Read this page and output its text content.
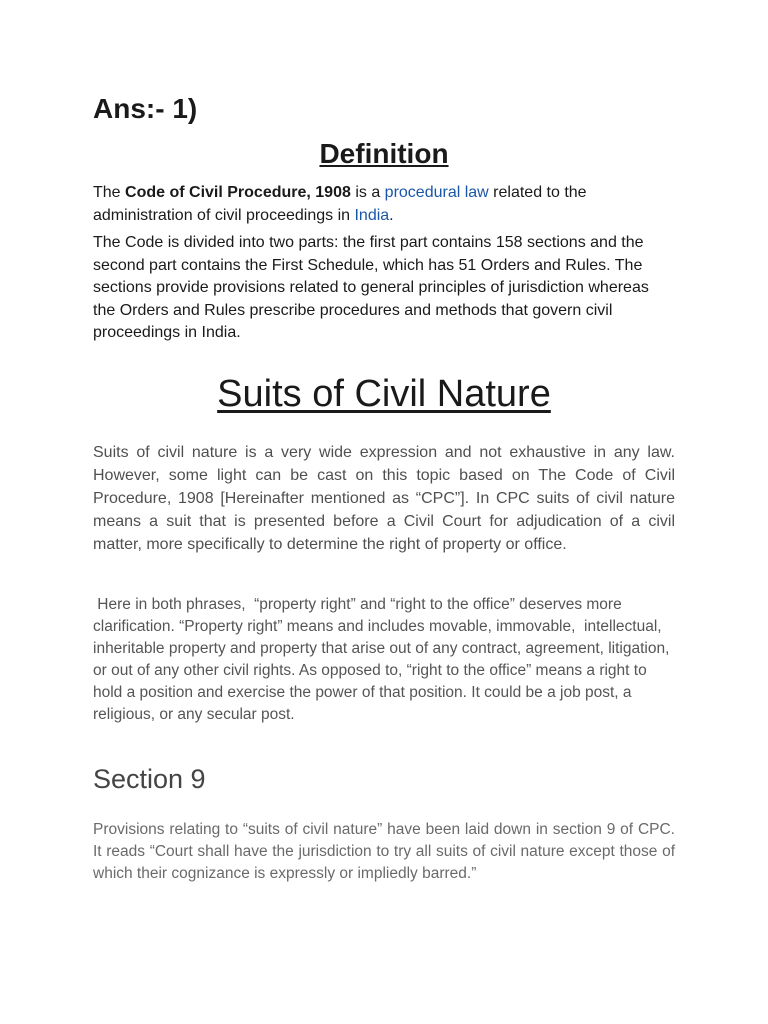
Ans:- 1)
Definition

The Code of Civil Procedure, 1908 is a procedural law related to the administration of civil proceedings in India.

The Code is divided into two parts: the first part contains 158 sections and the second part contains the First Schedule, which has 51 Orders and Rules. The sections provide provisions related to general principles of jurisdiction whereas the Orders and Rules prescribe procedures and methods that govern civil proceedings in India.

Suits of Civil Nature

Suits of civil nature is a very wide expression and not exhaustive in any law. However, some light can be cast on this topic based on The Code of Civil Procedure, 1908 [Hereinafter mentioned as “CPC”]. In CPC suits of civil nature means a suit that is presented before a Civil Court for adjudication of a civil matter, more specifically to determine the right of property or office.

Here in both phrases,  “property right” and “right to the office” deserves more clarification. “Property right” means and includes movable, immovable,  intellectual, inheritable property and property that arise out of any contract, agreement, litigation, or out of any other civil rights. As opposed to, “right to the office” means a right to hold a position and exercise the power of that position. It could be a job post, a religious, or any secular post.

Section 9

Provisions relating to “suits of civil nature” have been laid down in section 9 of CPC. It reads “Court shall have the jurisdiction to try all suits of civil nature except those of which their cognizance is expressly or impliedly barred.”
